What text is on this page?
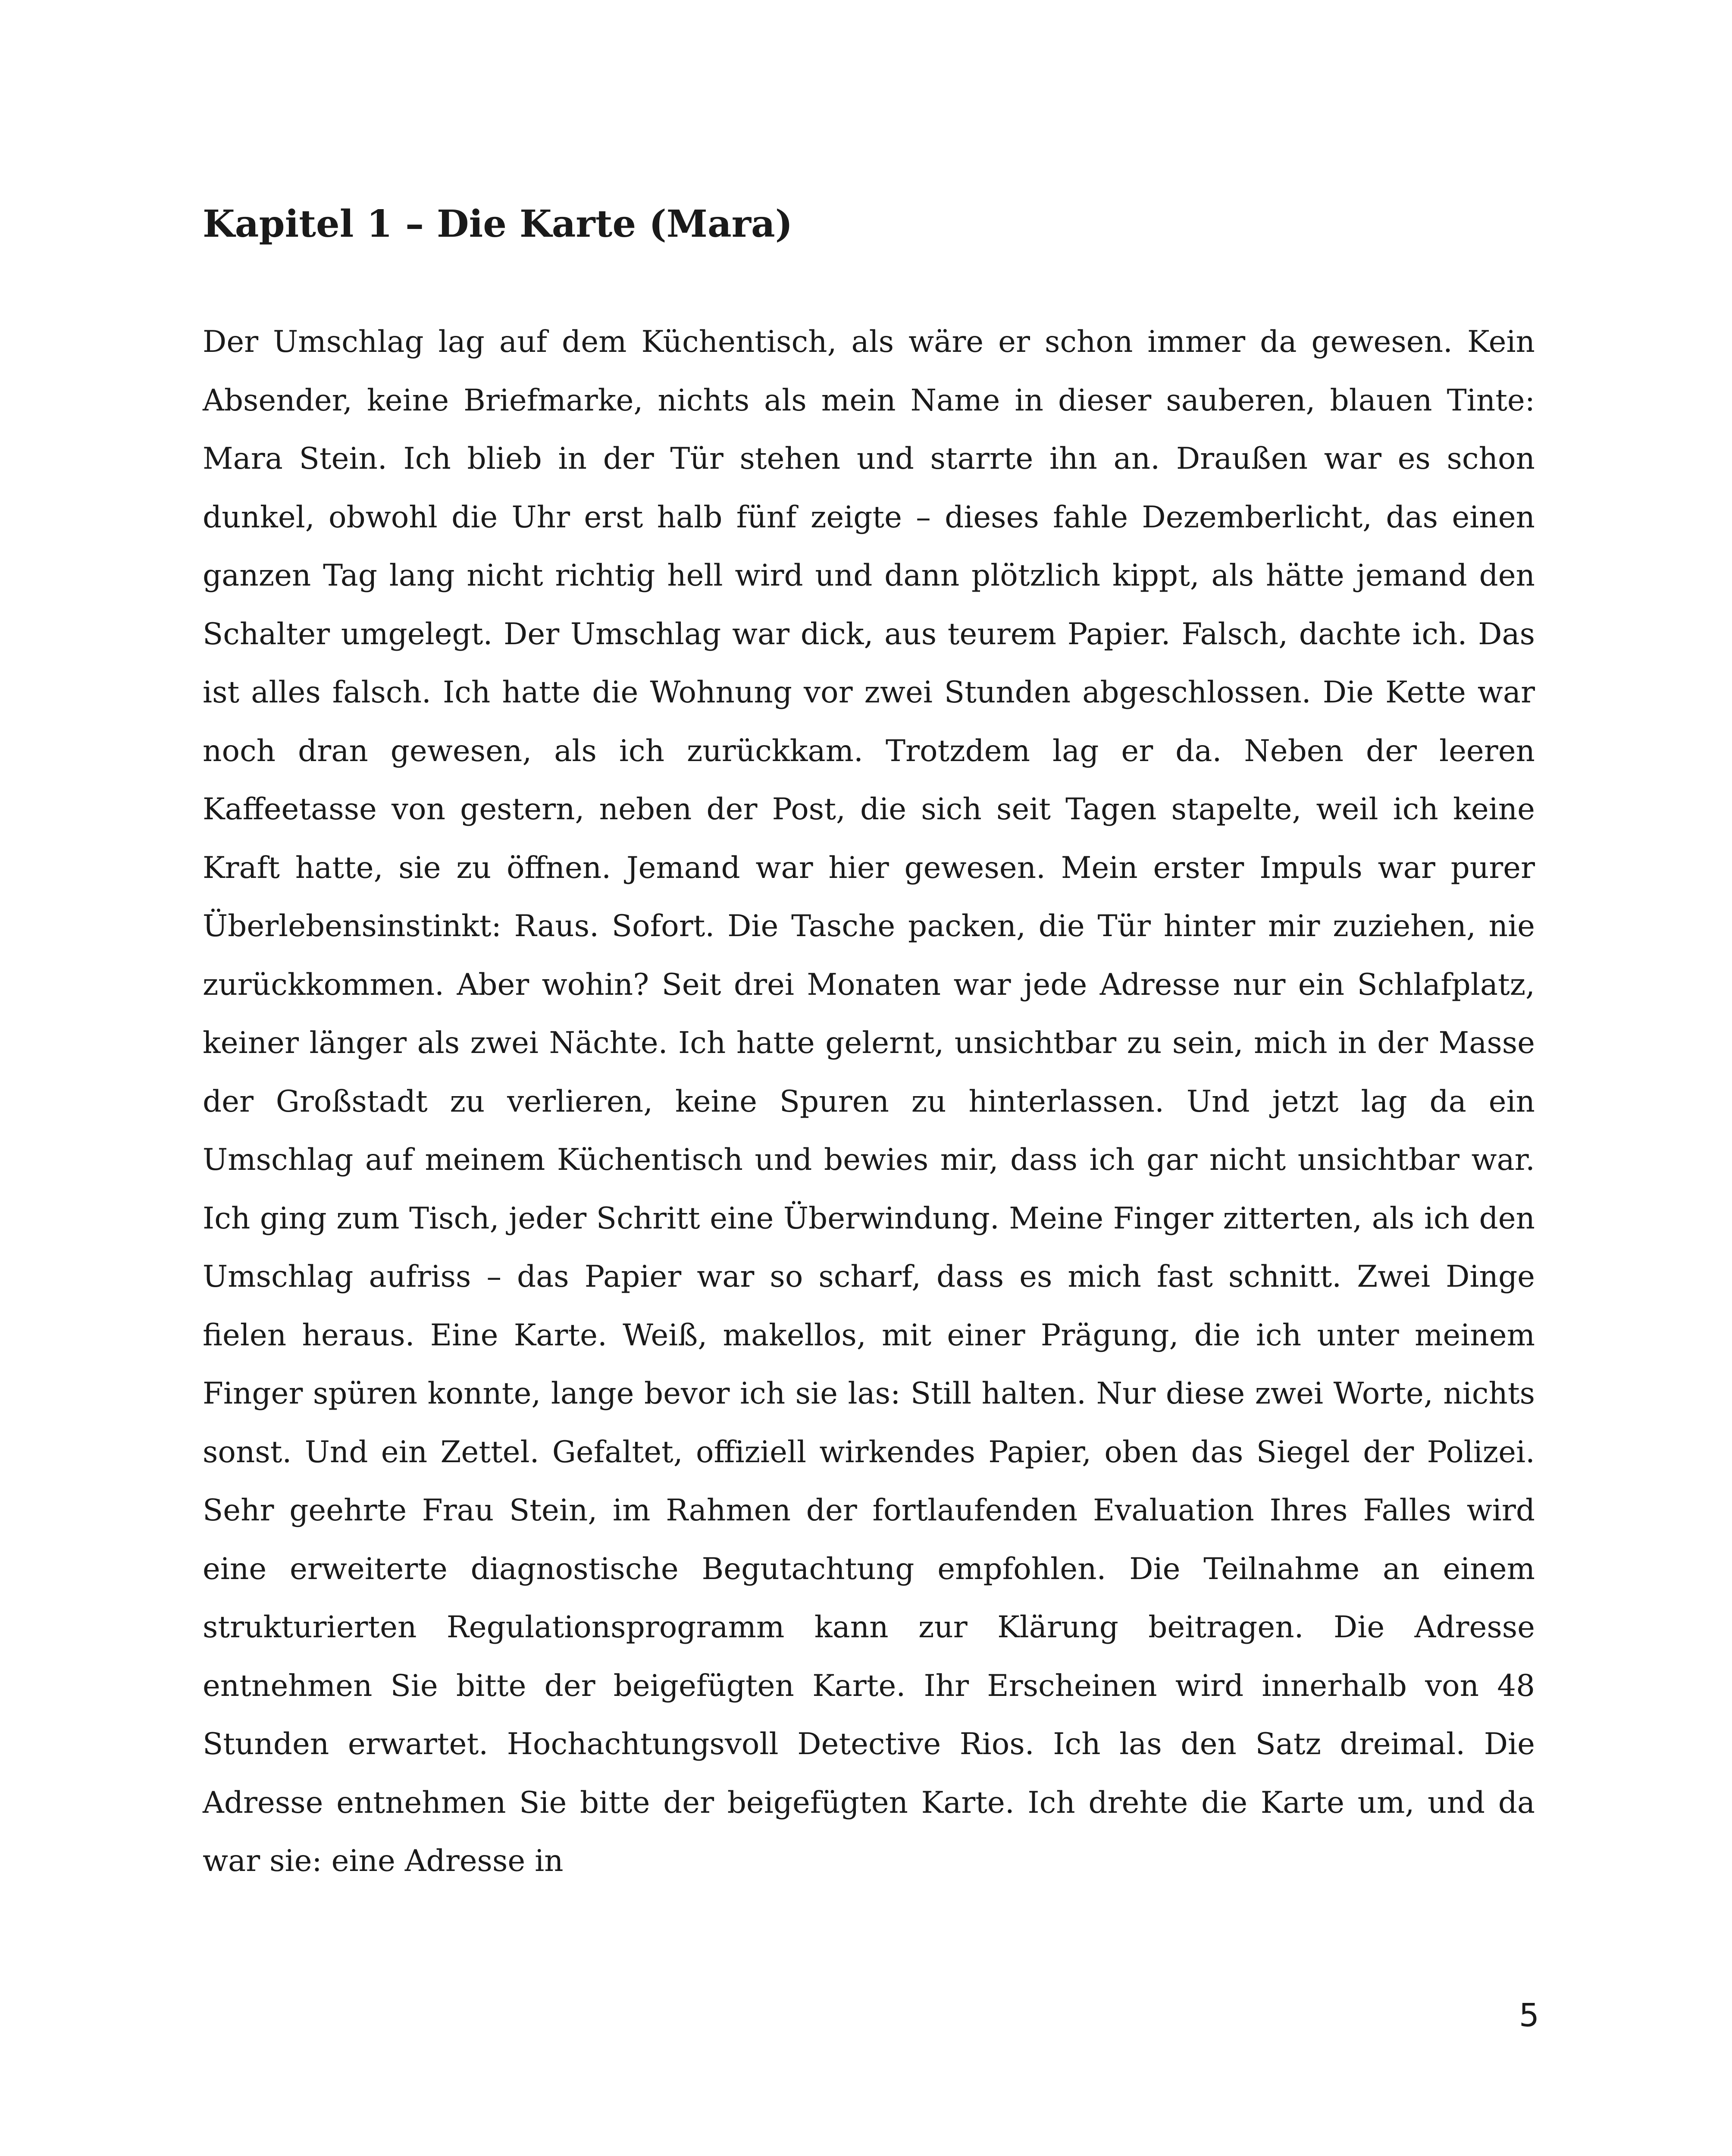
Kapitel 1 – Die Karte (Mara)

Der Umschlag lag auf dem Küchentisch, als wäre er schon immer da gewesen. Kein Absender, keine Briefmarke, nichts als mein Name in dieser sauberen, blauen Tinte: Mara Stein. Ich blieb in der Tür stehen und starrte ihn an. Draußen war es schon dunkel, obwohl die Uhr erst halb fünf zeigte – dieses fahle Dezemberlicht, das einen ganzen Tag lang nicht richtig hell wird und dann plötzlich kippt, als hätte jemand den Schalter umgelegt. Der Umschlag war dick, aus teurem Papier. Falsch, dachte ich. Das ist alles falsch. Ich hatte die Wohnung vor zwei Stunden abgeschlossen. Die Kette war noch dran gewesen, als ich zurückkam. Trotzdem lag er da. Neben der leeren Kaffeetasse von gestern, neben der Post, die sich seit Tagen stapelte, weil ich keine Kraft hatte, sie zu öffnen. Jemand war hier gewesen. Mein erster Impuls war purer Überlebensinstinkt: Raus. Sofort. Die Tasche packen, die Tür hinter mir zuziehen, nie zurückkommen. Aber wohin? Seit drei Monaten war jede Adresse nur ein Schlafplatz, keiner länger als zwei Nächte. Ich hatte gelernt, unsichtbar zu sein, mich in der Masse der Großstadt zu verlieren, keine Spuren zu hinterlassen. Und jetzt lag da ein Umschlag auf meinem Küchentisch und bewies mir, dass ich gar nicht unsichtbar war. Ich ging zum Tisch, jeder Schritt eine Überwindung. Meine Finger zitterten, als ich den Umschlag aufriss – das Papier war so scharf, dass es mich fast schnitt. Zwei Dinge fielen heraus. Eine Karte. Weiß, makellos, mit einer Prägung, die ich unter meinem Finger spüren konnte, lange bevor ich sie las: Still halten. Nur diese zwei Worte, nichts sonst. Und ein Zettel. Gefaltet, offiziell wirkendes Papier, oben das Siegel der Polizei. Sehr geehrte Frau Stein, im Rahmen der fortlaufenden Evaluation Ihres Falles wird eine erweiterte diagnostische Begutachtung empfohlen. Die Teilnahme an einem strukturierten Regulationsprogramm kann zur Klärung beitragen. Die Adresse entnehmen Sie bitte der beigefügten Karte. Ihr Erscheinen wird innerhalb von 48 Stunden erwartet. Hochachtungsvoll Detective Rios. Ich las den Satz dreimal. Die Adresse entnehmen Sie bitte der beigefügten Karte. Ich drehte die Karte um, und da war sie: eine Adresse in

5
